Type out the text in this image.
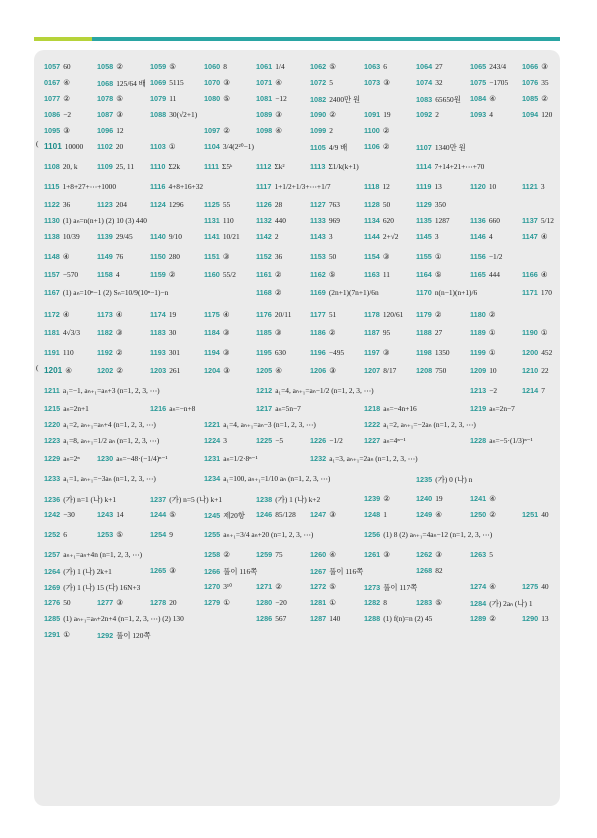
1057 60	1058 ②	1059 ⑤	1060 8	1061 1/4	1062 ⑤	1063 6	1064 27	1065 243/4 1066 ③
0167 ④	1068 125/64 배 1069 5115	1070 ③	1071 ④	1072 5	1073 ③	1074 32	1075 −1705 1076 35
1077 ②	1078 ⑤	1079 11	1080 ⑤	1081 −12	1082 2400만 원	1083 65650원 1084 ④	1085 ②
1086 −2	1087 ③	1088 30(√2+1)	1089 ③	1090 ②	1091 19	1092 2	1093 4	1094 120
1095 ③	1096 12	1097 ②	1098 ④	1099 2	1100 ②
( 1101 10000 1102 20	1103 ①	1104 3/4(2²⁰−1)	1105 4/9 배 1106 ②	1107 1340만 원
1108 20, k	1109 25, 11 1110 Σ2k	1111 Σ5ᵏ	1112 Σk²	1113 Σ1/k(k+1)	1114 7+14+21+⋯+70
1115 1+8+27+⋯+1000	1116 4+8+16+32	1117 1+1/2+1/3+⋯+1/7	1118 12	1119 13	1120 10	1121 3
1122 36	1123 204	1124 1296	1125 55	1126 28	1127 763	1128 50	1129 350
1130 (1) aₙ=n(n+1) (2) 10 (3) 440	1131 110	1132 440	1133 969	1134 620	1135 1287	1136 660	1137 5/12
1138 10/39 1139 29/45 1140 9/10	1141 10/21 1142 2	1143 3	1144 2+√2 1145 3	1146 4	1147 ④
1148 ④	1149 76	1150 280	1151 ③	1152 36	1153 50	1154 ③	1155 ①	1156 −1/2
1157 −570	1158 4	1159 ②	1160 55/2	1161 ②	1162 ⑤	1163 11	1164 ⑤	1165 444	1166 ④
1167 (1) aₙ=10ⁿ−1 (2) Sₙ=10/9(10ⁿ−1)−n	1168 ②	1169 (2n+1)(7n+1)/6n	1170 n(n−1)(n+1)/6	1171 170
1172 ④	1173 ④	1174 19	1175 ④	1176 20/11	1177 51	1178 120/61 1179 ②	1180 ②
1181 4√3/3 1182 ③	1183 30	1184 ③	1185 ③	1186 ②	1187 95	1188 27	1189 ①	1190 ①
1191 110	1192 ②	1193 301	1194 ③	1195 630	1196 −495	1197 ③	1198 1350	1199 ①	1200 452
( 1201 ④	1202 ②	1203 261	1204 ③	1205 ④	1206 ③	1207 8/17	1208 750	1209 10	1210 22
1211 a₁=−1, aₙ₊₁=aₙ+3 (n=1, 2, 3, ⋯)	1212 a₁=4, aₙ₊₁=aₙ−1/2 (n=1, 2, 3, ⋯)	1213 −2	1214 7
1215 aₙ=2n+1	1216 aₙ=−n+8	1217 aₙ=5n−7	1218 aₙ=−4n+16	1219 aₙ=2n−7
1220 a₁=2, aₙ₊₁=aₙ+4 (n=1, 2, 3, ⋯)	1221 a₁=4, aₙ₊₁=aₙ−3 (n=1, 2, 3, ⋯)	1222 a₁=2, aₙ₊₁=−2aₙ (n=1, 2, 3, ⋯)
1223 a₁=8, aₙ₊₁=1/2 aₙ (n=1, 2, 3, ⋯)	1224 3	1225 −5	1226 −1/2	1227 aₙ=4ⁿ⁻¹	1228 aₙ=−5·(1/3)ⁿ⁻¹
1229 aₙ=2ⁿ 1230 aₙ=−48·(−1/4)ⁿ⁻¹	1231 aₙ=1/2·8ⁿ⁻¹	1232 a₁=3, aₙ₊₁=2aₙ (n=1, 2, 3, ⋯)
1233 a₁=1, aₙ₊₁=−3aₙ (n=1, 2, 3, ⋯)	1234 a₁=100, aₙ₊₁=1/10 aₙ (n=1, 2, 3, ⋯)	1235 (가) 0 (나) n
1236 (가) n=1 (나) k+1	1237 (가) n=5 (나) k+1	1238 (가) 1 (나) k+2	1239 ②	1240 19	1241 ④
1242 −30	1243 14	1244 ⑤	1245 제20항 1246 85/128 1247 ③	1248 1	1249 ④	1250 ②	1251 40
1252 6	1253 ⑤	1254 9	1255 aₙ₊₁=3/4 aₙ+20 (n=1, 2, 3, ⋯)	1256 (1) 8 (2) aₙ₊₁=4aₙ−12 (n=1, 2, 3, ⋯)
1257 aₙ₊₁=aₙ+4n (n=1, 2, 3, ⋯)	1258 ②	1259 75	1260 ④	1261 ③	1262 ③	1263 5
1264 (가) 1 (나) 2k+1	1265 ③	1266 풀이 116쪽	1267 풀이 116쪽	1268 82
1269 (가) 1 (나) 15 (다) 16N+3	1270 3¹⁰	1271 ②	1272 ⑤	1273 풀이 117쪽	1274 ④	1275 40
1276 50	1277 ③	1278 20	1279 ①	1280 −20	1281 ①	1282 8	1283 ⑤	1284 (가) 2aₙ (나) 1
1285 (1) aₙ₊₁=aₙ+2n+4 (n=1, 2, 3, ⋯) (2) 130	1286 567	1287 140	1288 (1) f(n)=n (2) 45	1289 ②	1290 13
1291 ①	1292 풀이 120쪽
